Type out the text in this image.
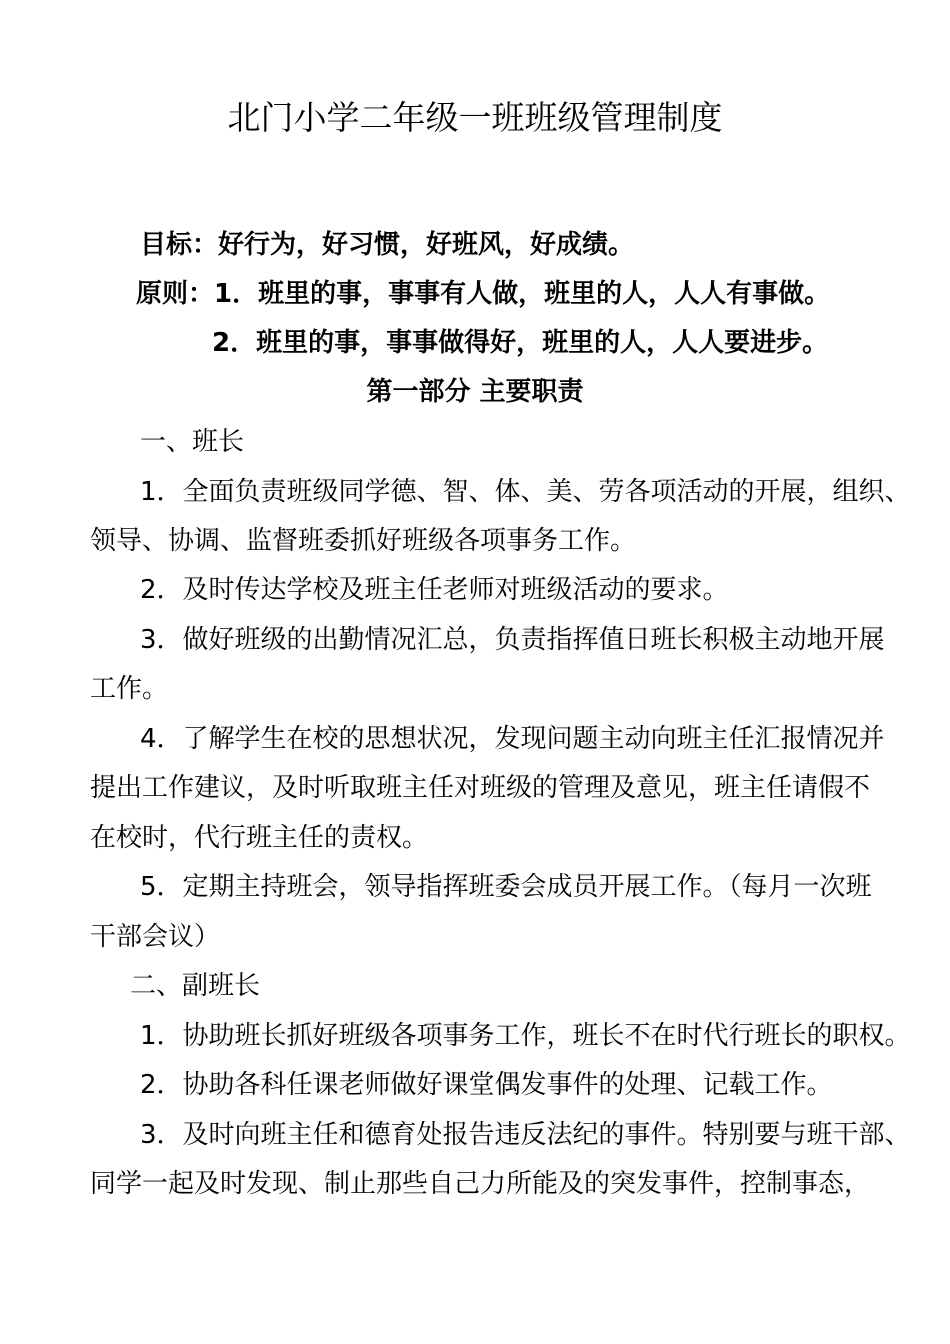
北门小学二年级一班班级管理制度
目标：好行为，好习惯，好班风，好成绩。
原则：1．班里的事，事事有人做，班里的人，人人有事做。
2．班里的事，事事做得好，班里的人，人人要进步。
第一部分 主要职责
一、班长
1．全面负责班级同学德、智、体、美、劳各项活动的开展，组织、
领导、协调、监督班委抓好班级各项事务工作。
2．及时传达学校及班主任老师对班级活动的要求。
3．做好班级的出勤情况汇总，负责指挥值日班长积极主动地开展
工作。
4．了解学生在校的思想状况，发现问题主动向班主任汇报情况并
提出工作建议，及时听取班主任对班级的管理及意见，班主任请假不
在校时，代行班主任的责权。
5．定期主持班会，领导指挥班委会成员开展工作。（每月一次班
干部会议）
二、副班长
1．协助班长抓好班级各项事务工作，班长不在时代行班长的职权。
2．协助各科任课老师做好课堂偶发事件的处理、记载工作。
3．及时向班主任和德育处报告违反法纪的事件。特别要与班干部、
同学一起及时发现、制止那些自己力所能及的突发事件，控制事态，
